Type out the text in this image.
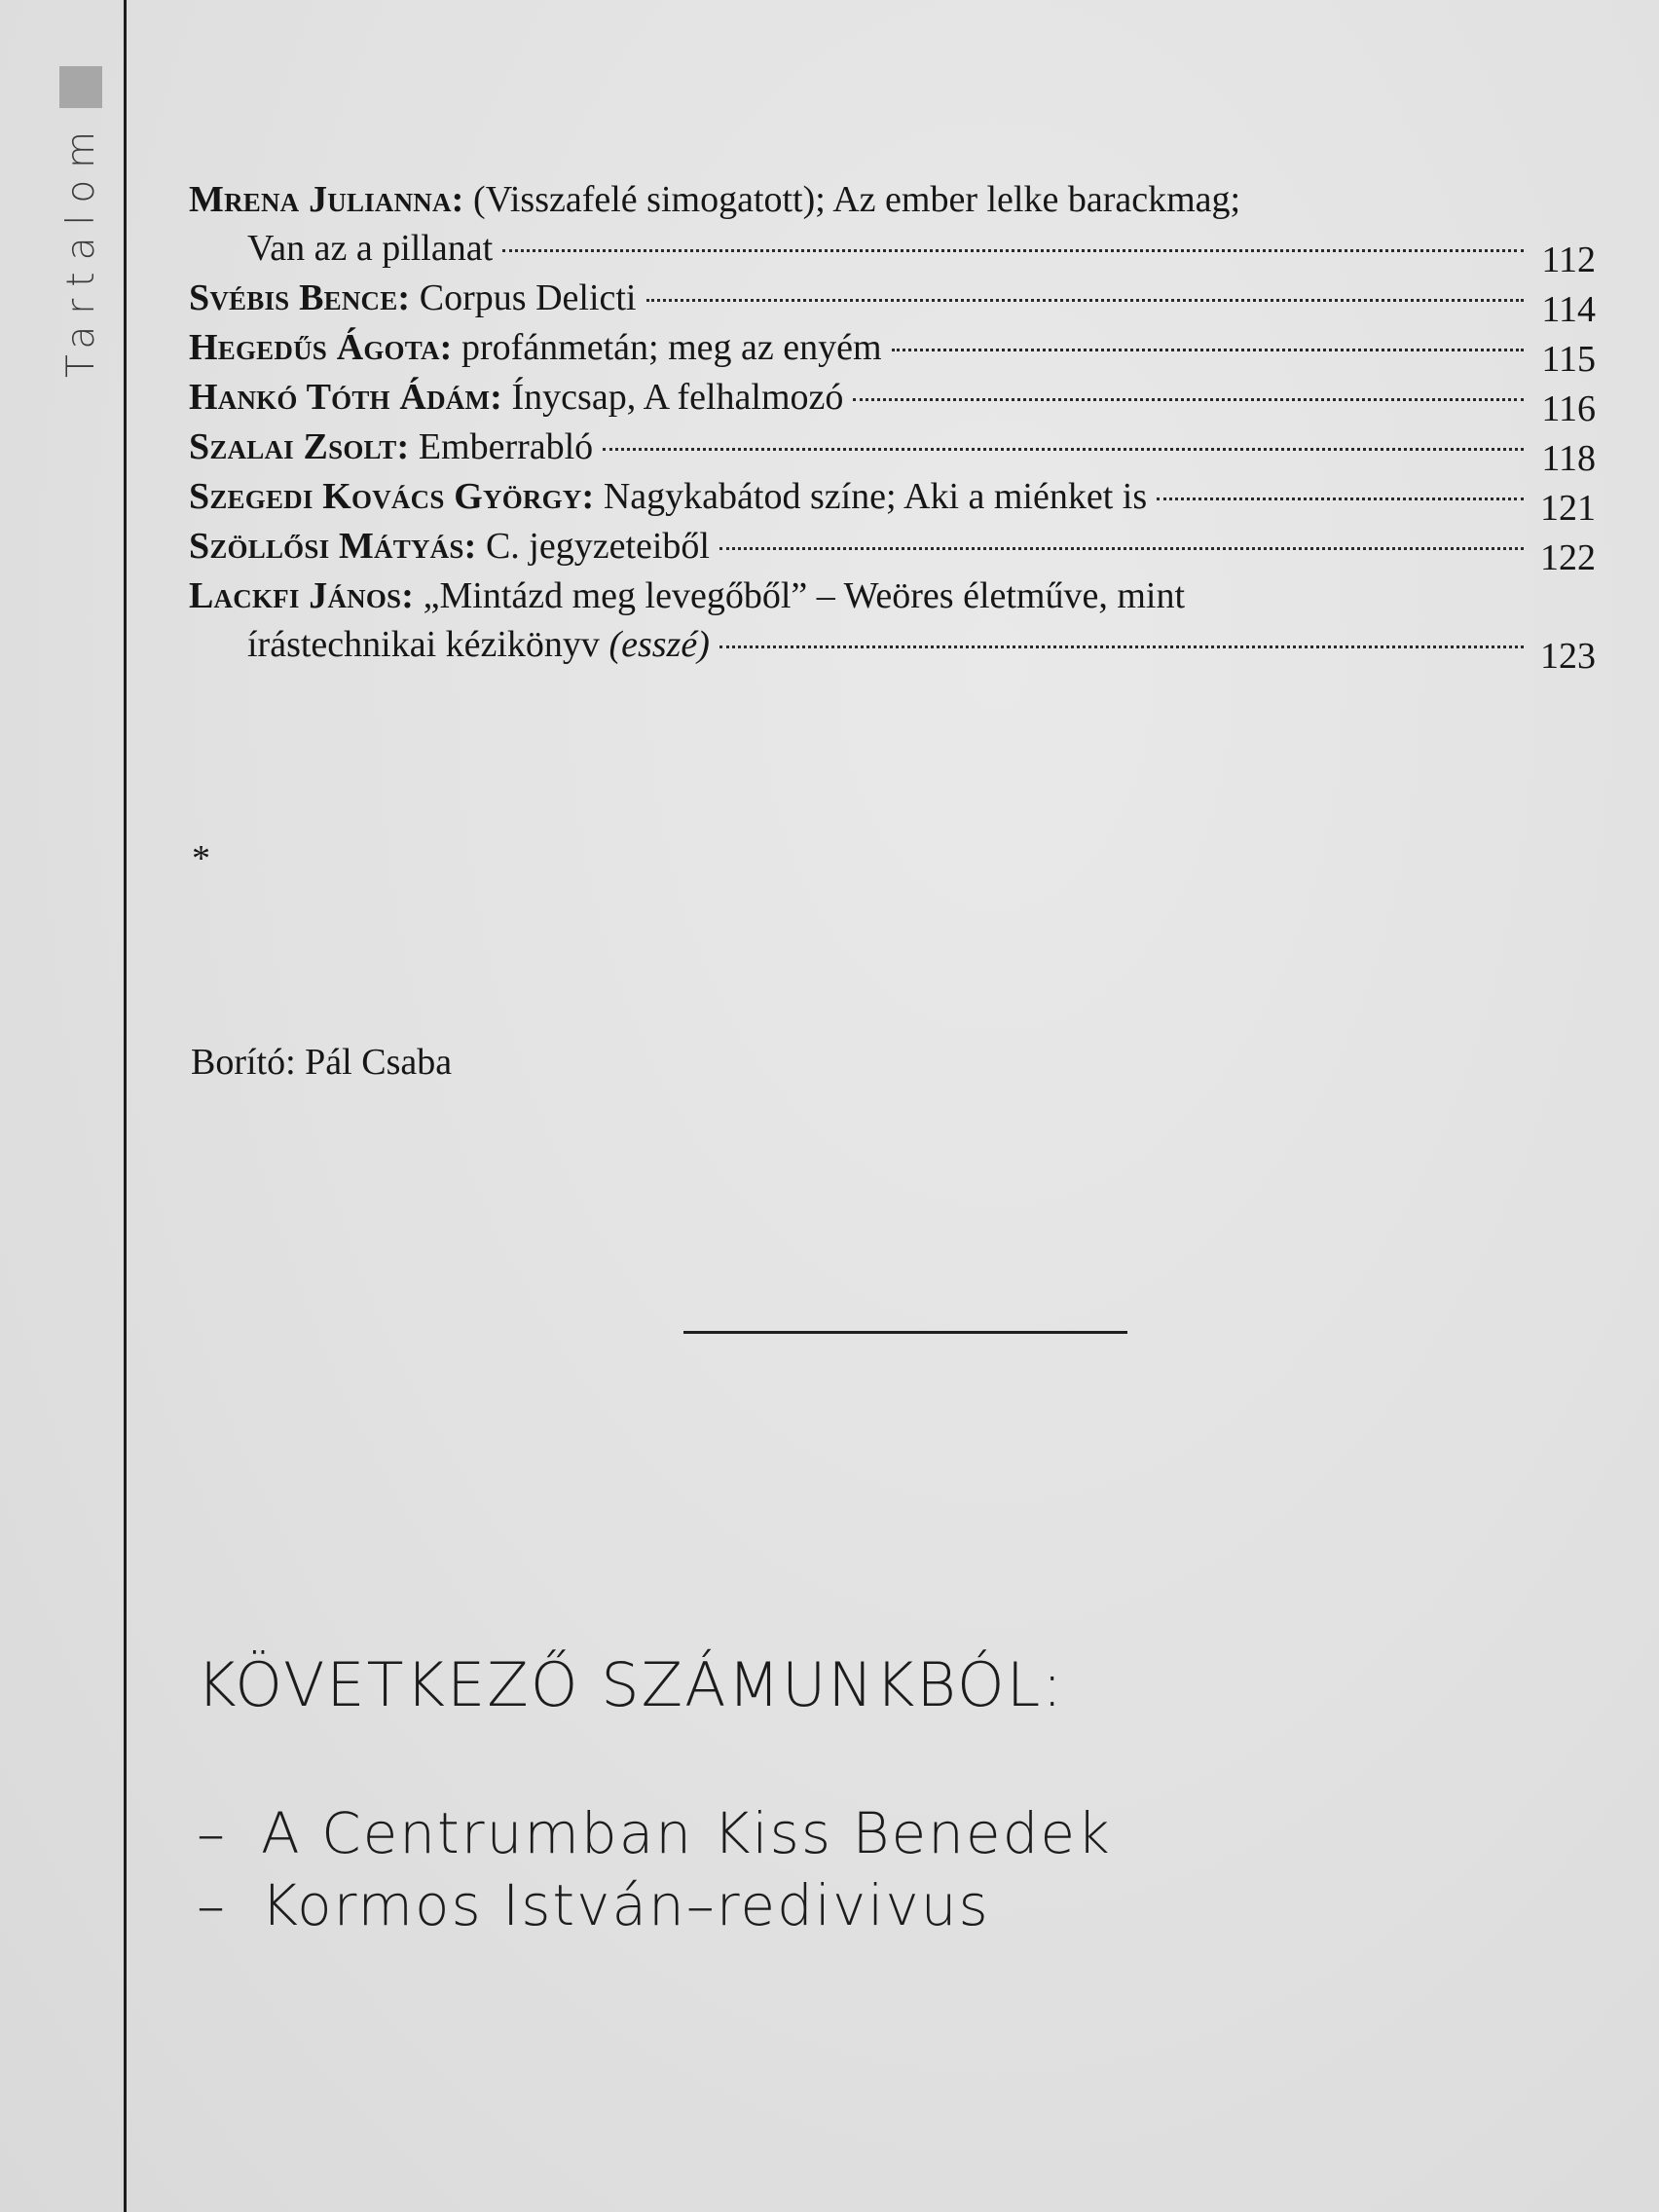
Tartalom Mrena Julianna: (Visszafelé simogatott); Az ember lelke barackmag;
Van az a pillanat	112
Svébis Bence: Corpus Delicti	114
Hegedűs Ágota: profánmetán; meg az enyém	115
Hankó Tóth Ádám: Ínycsap, A felhalmozó	116
Szalai Zsolt: Emberrabló	118
Szegedi Kovács György: Nagykabátod színe; Aki a miénket is	121
Szöllősi Mátyás: C. jegyzeteiből	122
Lackfi János: „Mintázd meg levegőből” – Weöres életműve, mint
írástechnikai kézikönyv (esszé)	123
*
Borító: Pál Csaba
KÖVETKEZŐ SZÁMUNKBÓL:
– A Centrumban Kiss Benedek
– Kormos István–redivivus
